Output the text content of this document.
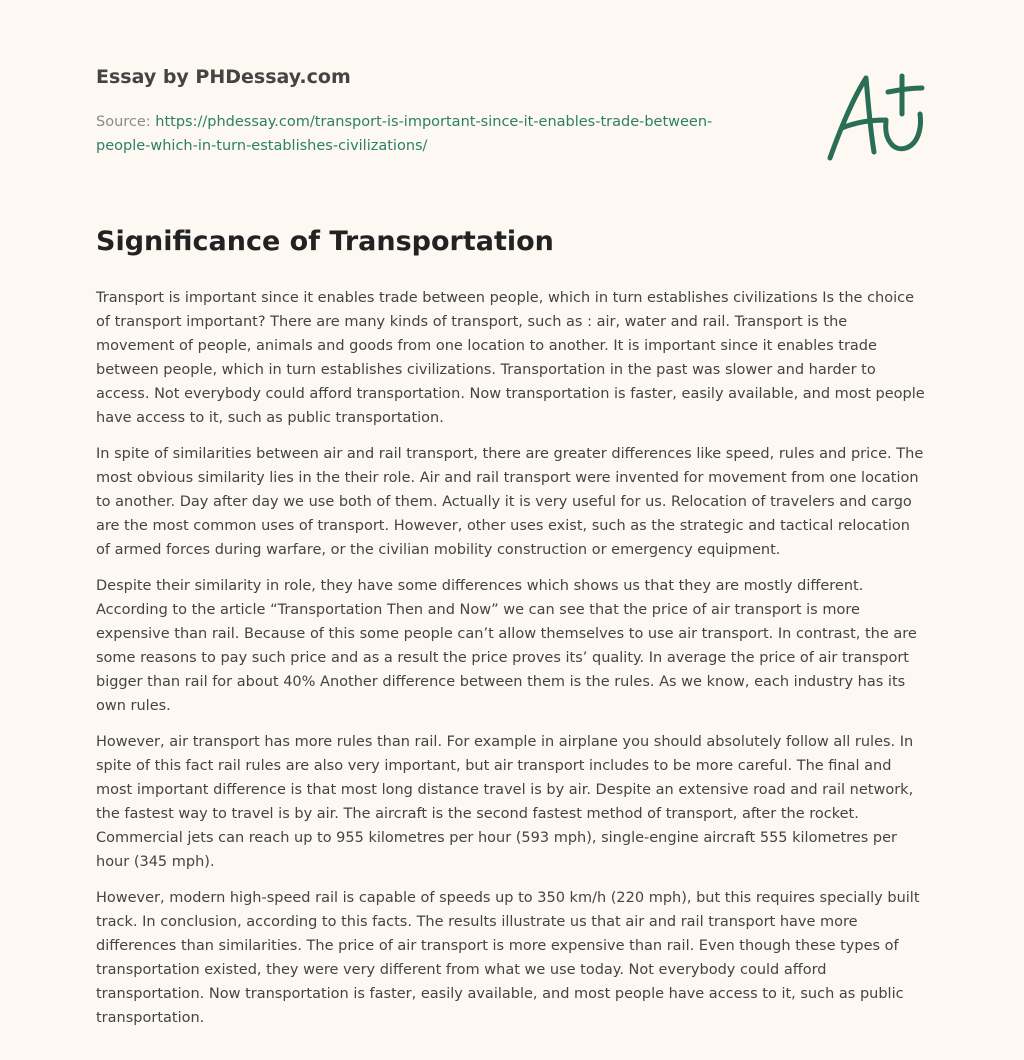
Essay by PHDessay.com
Source: https://phdessay.com/transport-is-important-since-it-enables-trade-between-
people-which-in-turn-establishes-civilizations/
Significance of Transportation

Transport is important since it enables trade between people, which in turn establishes civilizations Is the choice of transport important? There are many kinds of transport, such as : air, water and rail. Transport is the movement of people, animals and goods from one location to another. It is important since it enables trade between people, which in turn establishes civilizations. Transportation in the past was slower and harder to access. Not everybody could afford transportation. Now transportation is faster, easily available, and most people have access to it, such as public transportation.

In spite of similarities between air and rail transport, there are greater differences like speed, rules and price. The most obvious similarity lies in the their role. Air and rail transport were invented for movement from one location to another. Day after day we use both of them. Actually it is very useful for us. Relocation of travelers and cargo are the most common uses of transport. However, other uses exist, such as the strategic and tactical relocation of armed forces during warfare, or the civilian mobility construction or emergency equipment.

Despite their similarity in role, they have some differences which shows us that they are mostly different. According to the article “Transportation Then and Now” we can see that the price of air transport is more expensive than rail. Because of this some people can’t allow themselves to use air transport. In contrast, the are some reasons to pay such price and as a result the price proves its’ quality. In average the price of air transport bigger than rail for about 40% Another difference between them is the rules. As we know, each industry has its own rules.

However, air transport has more rules than rail. For example in airplane you should absolutely follow all rules. In spite of this fact rail rules are also very important, but air transport includes to be more careful. The final and most important difference is that most long distance travel is by air. Despite an extensive road and rail network, the fastest way to travel is by air. The aircraft is the second fastest method of transport, after the rocket. Commercial jets can reach up to 955 kilometres per hour (593 mph), single-engine aircraft 555 kilometres per hour (345 mph).

However, modern high-speed rail is capable of speeds up to 350 km/h (220 mph), but this requires specially built track. In conclusion, according to this facts. The results illustrate us that air and rail transport have more differences than similarities. The price of air transport is more expensive than rail. Even though these types of transportation existed, they were very different from what we use today. Not everybody could afford transportation. Now transportation is faster, easily available, and most people have access to it, such as public transportation.
